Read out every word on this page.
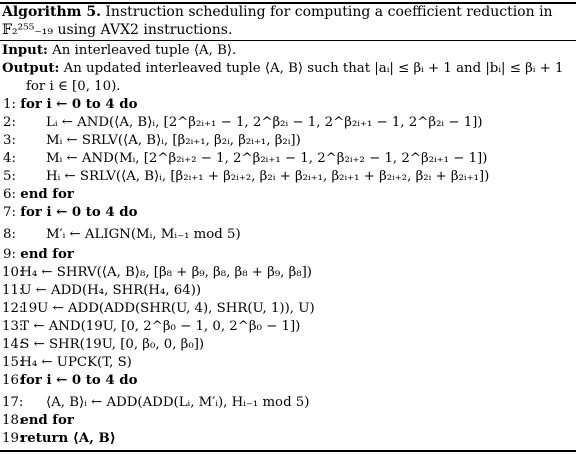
Algorithm 5. Instruction scheduling for computing a coefficient reduction in
𝔽₂²⁵⁵₋₁₉ using AVX2 instructions.
Input: An interleaved tuple ⟨A, B⟩.
Output: An updated interleaved tuple ⟨A, B⟩ such that |aᵢ| ≤ βᵢ + 1 and |bᵢ| ≤ βᵢ + 1
for i ∈ [0, 10).
1: for i ← 0 to 4 do
2: Lᵢ ← AND(⟨A, B⟩ᵢ, [2^β₂ᵢ₊₁ − 1, 2^β₂ᵢ − 1, 2^β₂ᵢ₊₁ − 1, 2^β₂ᵢ − 1])
3: Mᵢ ← SRLV(⟨A, B⟩ᵢ, [β₂ᵢ₊₁, β₂ᵢ, β₂ᵢ₊₁, β₂ᵢ])
4: Mᵢ ← AND(Mᵢ, [2^β₂ᵢ₊₂ − 1, 2^β₂ᵢ₊₁ − 1, 2^β₂ᵢ₊₂ − 1, 2^β₂ᵢ₊₁ − 1])
5: Hᵢ ← SRLV(⟨A, B⟩ᵢ, [β₂ᵢ₊₁ + β₂ᵢ₊₂, β₂ᵢ + β₂ᵢ₊₁, β₂ᵢ₊₁ + β₂ᵢ₊₂, β₂ᵢ + β₂ᵢ₊₁])
6: end for
7: for i ← 0 to 4 do
8: M′ᵢ ← ALIGN(Mᵢ, Mᵢ₋₁ mod 5)
9: end for
10: H₄ ← SHRV(⟨A, B⟩₈, [β₈ + β₉, β₈, β₈ + β₉, β₈])
11: U ← ADD(H₄, SHR(H₄, 64))
12: 19U ← ADD(ADD(SHR(U, 4), SHR(U, 1)), U)
13: T ← AND(19U, [0, 2^β₀ − 1, 0, 2^β₀ − 1])
14: S ← SHR(19U, [0, β₀, 0, β₀])
15: H₄ ← UPCK(T, S)
16: for i ← 0 to 4 do
17: ⟨A, B⟩ᵢ ← ADD(ADD(Lᵢ, M′ᵢ), Hᵢ₋₁ mod 5)
18: end for
19: return ⟨A, B⟩
